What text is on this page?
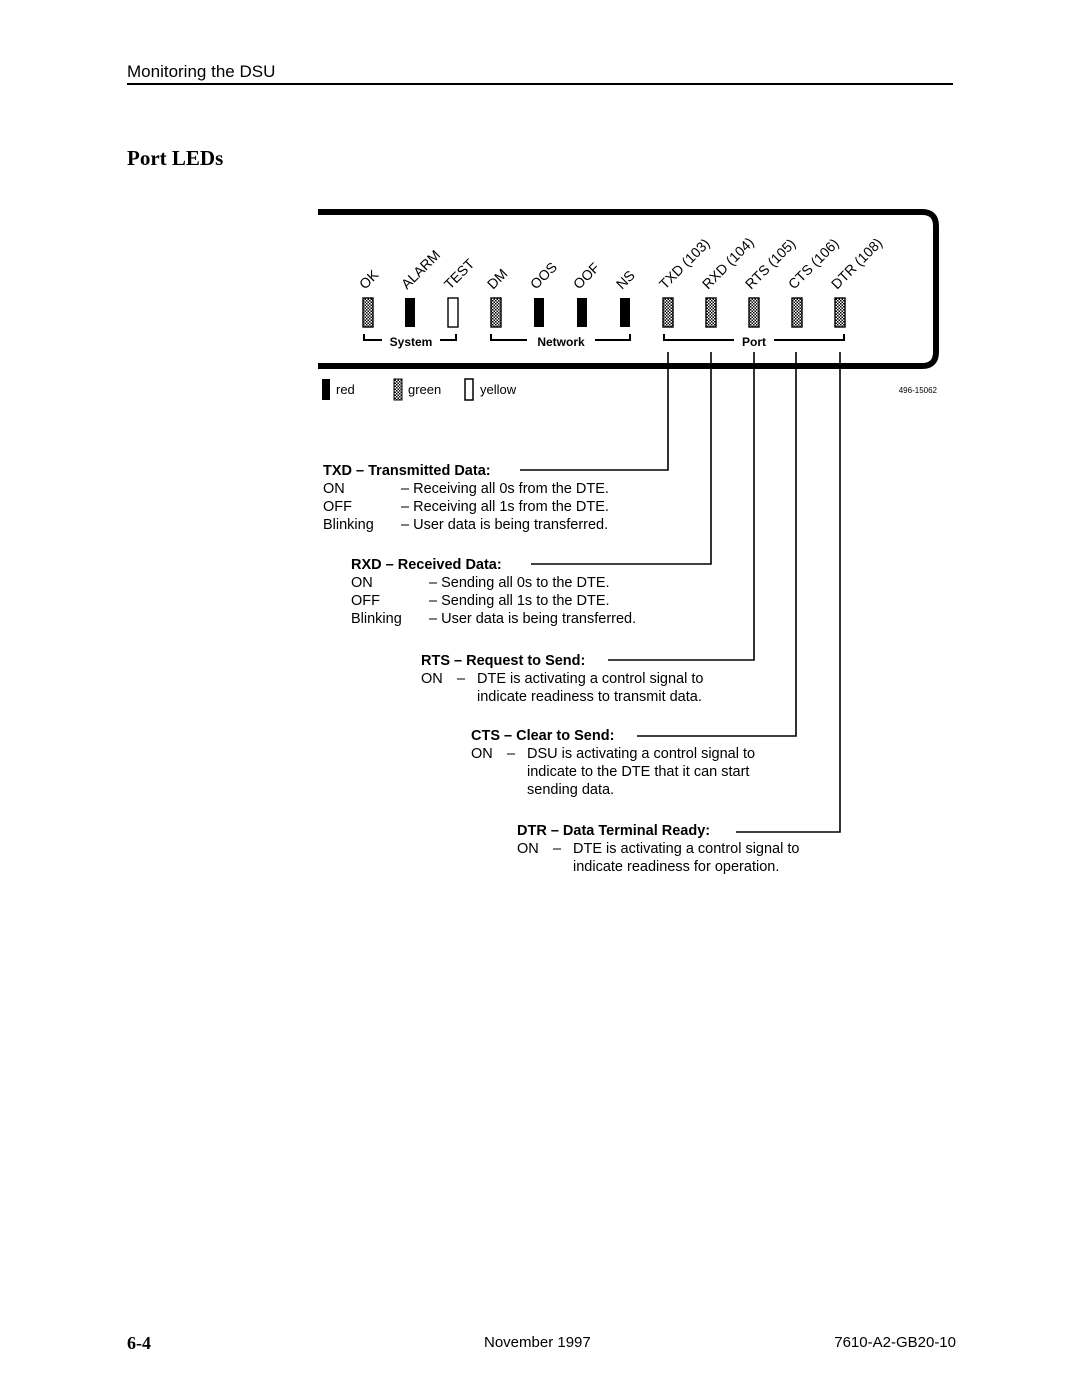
Monitoring the DSU
Port LEDs
OK ALARM
TEST DM OOS OOF NS TXD (103)
RXD (104)
RTS (105)
CTS (106)
DTR (108)
System	Network	Port
red	green	yellow	496-15062
TXD – Transmitted Data:
ON	– Receiving all 0s from the DTE.
OFF	– Receiving all 1s from the DTE.
Blinking – User data is being transferred.
RXD – Received Data:
ON	– Sending all 0s to the DTE.
OFF	– Sending all 1s to the DTE.
Blinking – User data is being transferred.
RTS – Request to Send:
ON – DTE is activating a control signal to
indicate readiness to transmit data.
CTS – Clear to Send:
ON – DSU is activating a control signal to
indicate to the DTE that it can start
sending data.
DTR – Data Terminal Ready:
ON – DTE is activating a control signal to
indicate readiness for operation.
6-4	November 1997	7610-A2-GB20-10
